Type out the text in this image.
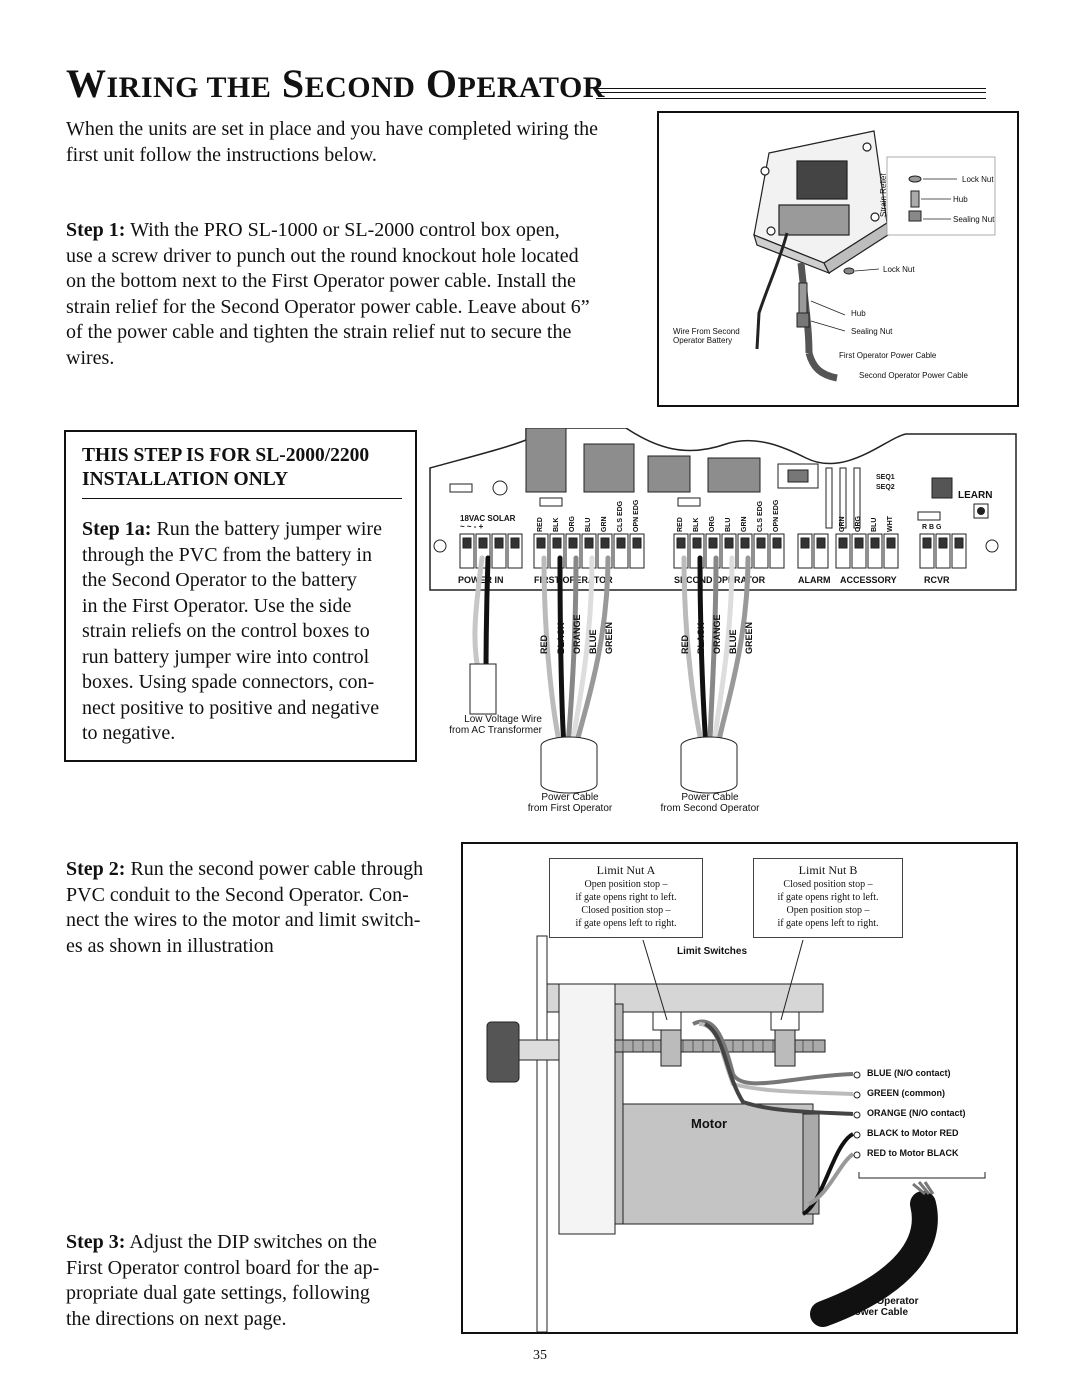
WIRING THE SECOND OPERATOR
When the units are set in place and you have completed wiring the
first unit follow the instructions below.
Step 1: With the PRO SL-1000 or SL-2000 control box open,
use a screw driver to punch out the round knockout hole located
on the bottom next to the First Operator power cable. Install the
strain relief for the Second Operator power cable. Leave about 6”
of the power cable and tighten the strain relief nut to secure the
wires.
Strain Relief	Lock Nut
Hub
Sealing Nut
Lock Nut
Hub
Sealing Nut
Wire From Second
Operator Battery
First Operator Power Cable
Second Operator Power Cable
THIS STEP IS FOR SL-2000/2200
INSTALLATION ONLY
Step 1a: Run the battery jumper wire
through the PVC from the battery in
the Second Operator to the battery
in the First Operator. Use the side
strain reliefs on the control boxes to
run battery jumper wire into control
boxes. Using spade connectors, con-
nect positive to positive and negative
to negative.
18VAC SOLAR
~ ~ - +
SEQ1
SEQ2
LEARN
R B G
RED BLK ORG BLU GRN CLS EDG OPN EDG	RED BLK ORG BLU GRN CLS EDG OPN EDG	GRN ORG BLU WHT
POWER IN	FIRST OPERATOR	SECOND OPERATOR	ALARM ACCESSORY	RCVR
RED BLACK ORANGE BLUE GREEN	RED BLACK ORANGE BLUE GREEN
Low Voltage Wire
from AC Transformer
Power Cable
from First Operator
Power Cable
from Second Operator
Step 2: Run the second power cable through
PVC conduit to the Second Operator. Con-
nect the wires to the motor and limit switch-
es as shown in illustration
Limit Nut A
Open position stop –
if gate opens right to left.
Closed position stop –
if gate opens left to right.
Limit Nut B
Closed position stop –
if gate opens right to left.
Open position stop –
if gate opens left to right.
Limit Switches
Motor
BLUE (N/O contact)
GREEN (common)
ORANGE (N/O contact)
BLACK to Motor RED
RED to Motor BLACK
Second Operator
Power Cable
Step 3: Adjust the DIP switches on the
First Operator control board for the ap-
propriate dual gate settings, following
the directions on next page.
35
